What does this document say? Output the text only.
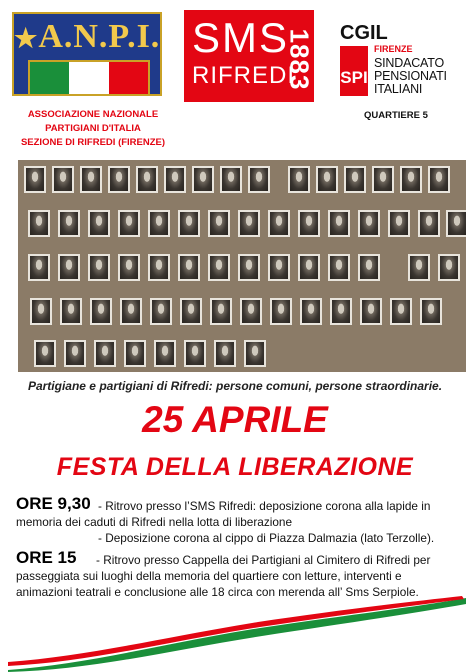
★A.N.P.I. SMS
RIFREDI
1883 CGIL
SPI
FIRENZE
SINDACATO
PENSIONATI
ITALIANI
ASSOCIAZIONE NAZIONALE
PARTIGIANI D'ITALIA
SEZIONE DI RIFREDI (FIRENZE)
QUARTIERE 5
Partigiane e partigiani di Rifredi: persone comuni, persone straordinarie.
25 APRILE
FESTA DELLA LIBERAZIONE
ORE 9,30 - Ritrovo presso l’SMS Rifredi: deposizione corona alla lapide in
memoria dei caduti di Rifredi nella lotta di liberazione
- Deposizione corona al cippo di Piazza Dalmazia (lato Terzolle).
ORE 15 - Ritrovo presso Cappella dei Partigiani al Cimitero di Rifredi per
passeggiata sui luoghi della memoria del quartiere con letture, interventi e
animazioni teatrali e conclusione alle 18 circa con merenda all’ Sms Serpiole.
